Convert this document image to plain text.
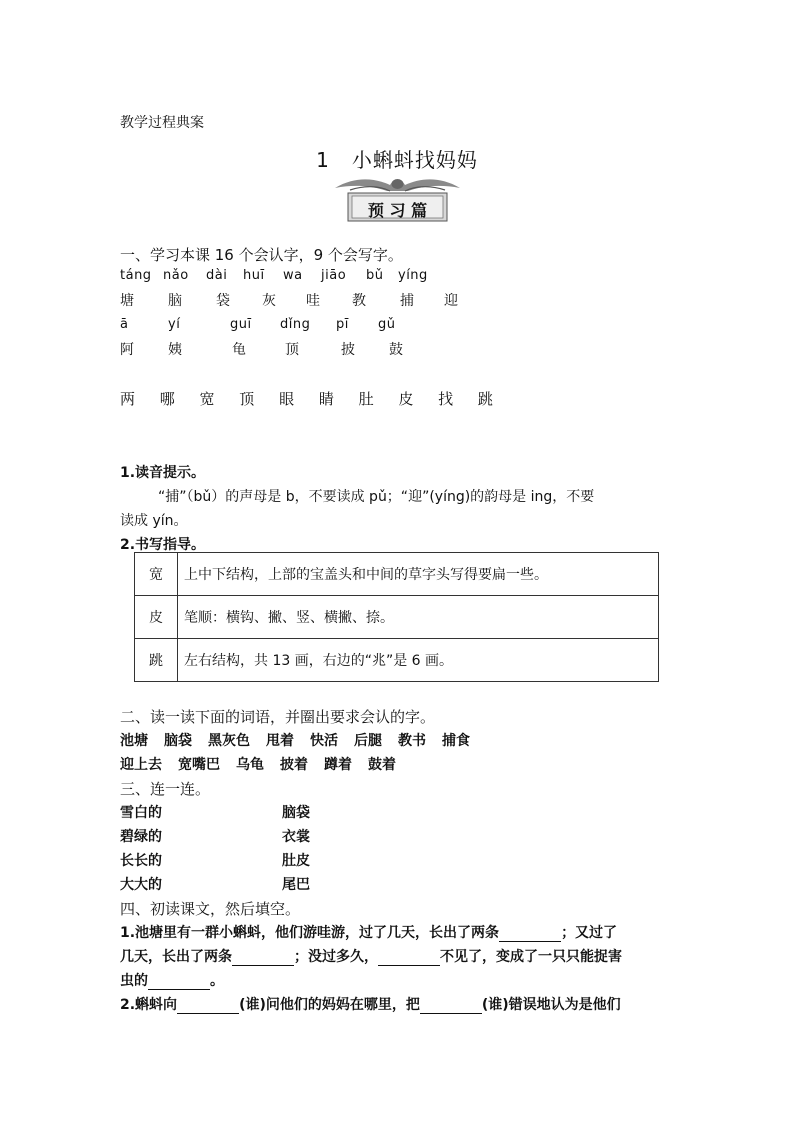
教学过程典案
1 小蝌蚪找妈妈
预 习 篇
一、学习本课 16 个会认字，9 个会写字。
táng nǎo	dài	huī	wa	jiāo	bǔ	yíng
塘	脑	袋	灰	哇	教	捕	迎
ā	yí	guī	dǐng	pī	gǔ
阿	姨	龟	顶	披	鼓
两 哪 宽 顶 眼 睛 肚 皮 找 跳
1.读音提示。
“捕”（bǔ）的声母是 b，不要读成 pǔ；“迎”(yíng)的韵母是 ing，不要
读成 yín。
2.书写指导。
宽	上中下结构，上部的宝盖头和中间的草字头写得要扁一些。
皮	笔顺：横钩、撇、竖、横撇、捺。
跳	左右结构，共 13 画，右边的“兆”是 6 画。
二、读一读下面的词语，并圈出要求会认的字。
池塘 脑袋 黑灰色 甩着 快活 后腿 教书 捕食
迎上去 宽嘴巴 乌龟 披着 蹲着 鼓着
三、连一连。
雪白的	脑袋
碧绿的	衣裳
长长的	肚皮
大大的	尾巴
四、初读课文，然后填空。
1.池塘里有一群小蝌蚪，他们游哇游，过了几天，长出了两条	；又过了
几天，长出了两条	；没过多久，	不见了，变成了一只只能捉害
虫的	。
2.蝌蚪向	(谁)问他们的妈妈在哪里，把	(谁)错误地认为是他们
